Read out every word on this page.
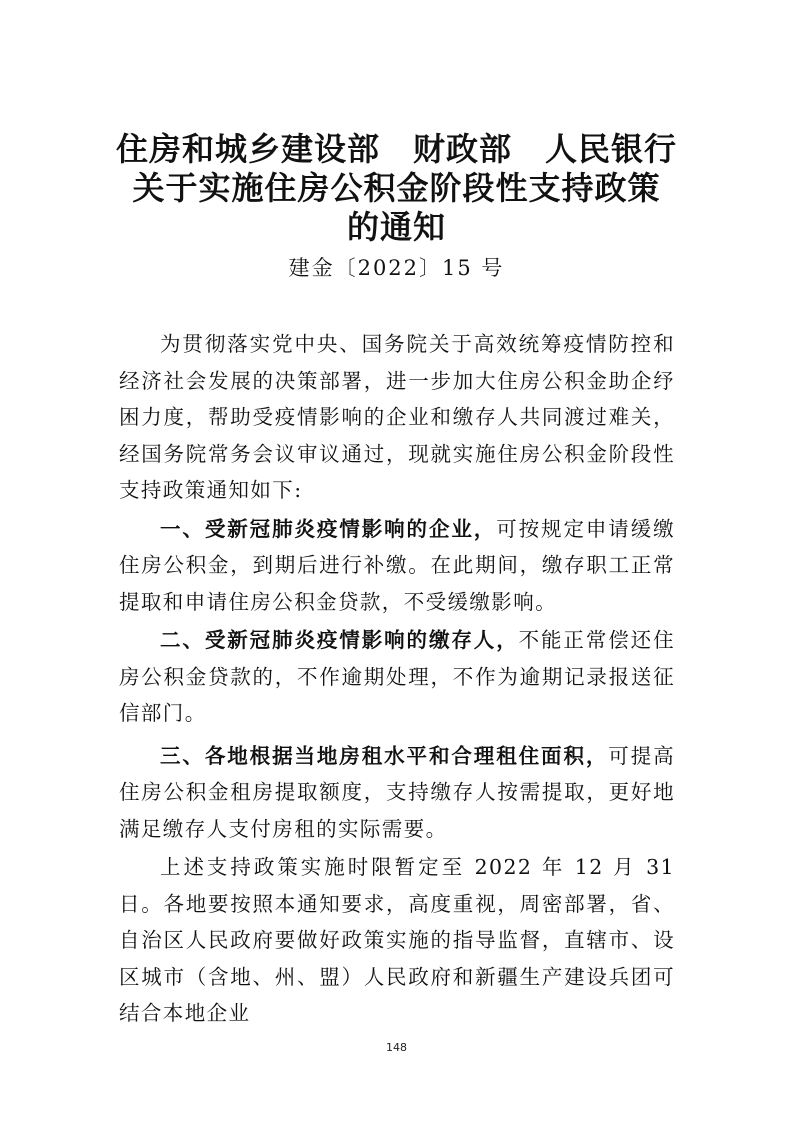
住房和城乡建设部　财政部　人民银行
关于实施住房公积金阶段性支持政策
的通知
建金〔2022〕15 号

为贯彻落实党中央、国务院关于高效统筹疫情防控和经济社会发展的决策部署，进一步加大住房公积金助企纾困力度，帮助受疫情影响的企业和缴存人共同渡过难关，经国务院常务会议审议通过，现就实施住房公积金阶段性支持政策通知如下:

一、受新冠肺炎疫情影响的企业，可按规定申请缓缴住房公积金，到期后进行补缴。在此期间，缴存职工正常提取和申请住房公积金贷款，不受缓缴影响。

二、受新冠肺炎疫情影响的缴存人，不能正常偿还住房公积金贷款的，不作逾期处理，不作为逾期记录报送征信部门。

三、各地根据当地房租水平和合理租住面积，可提高住房公积金租房提取额度，支持缴存人按需提取，更好地满足缴存人支付房租的实际需要。

上述支持政策实施时限暂定至 2022 年 12 月 31 日。各地要按照本通知要求，高度重视，周密部署，省、自治区人民政府要做好政策实施的指导监督，直辖市、设区城市（含地、州、盟）人民政府和新疆生产建设兵团可结合本地企业

148
